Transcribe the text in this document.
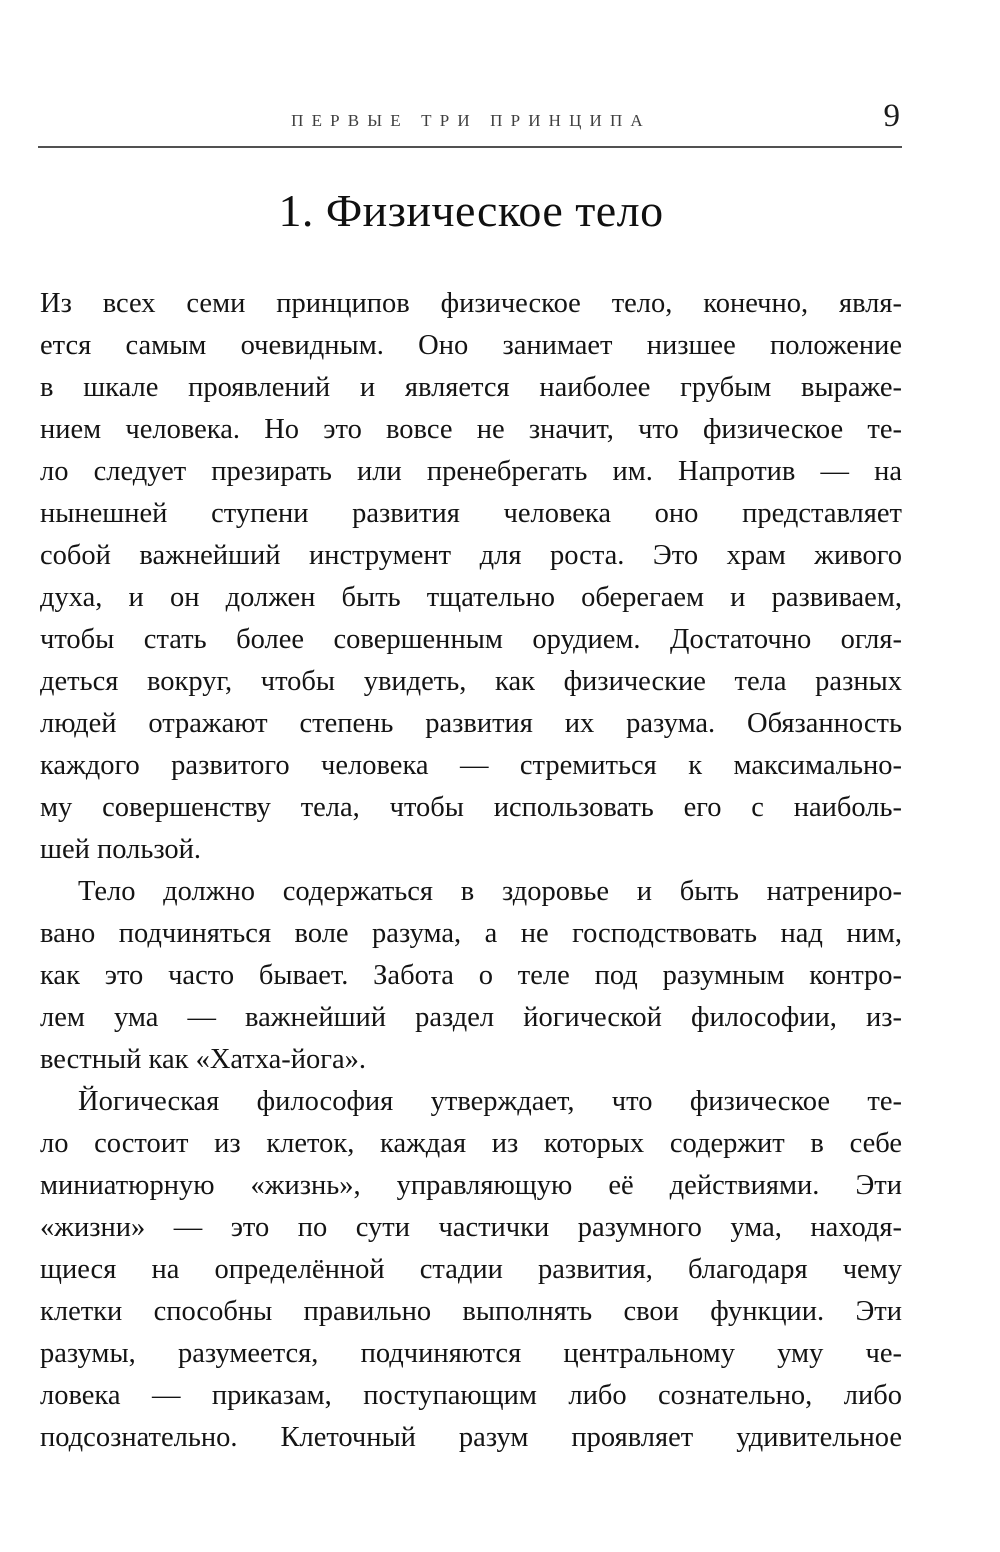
ПЕРВЫЕ ТРИ ПРИНЦИПА	9
1. Физическое тело
Из всех семи принципов физическое тело, конечно, явля-
ется самым очевидным. Оно занимает низшее положение
в шкале проявлений и является наиболее грубым выраже-
нием человека. Но это вовсе не значит, что физическое те-
ло следует презирать или пренебрегать им. Напротив — на
нынешней ступени развития человека оно представляет
собой важнейший инструмент для роста. Это храм живого
духа, и он должен быть тщательно оберегаем и развиваем,
чтобы стать более совершенным орудием. Достаточно огля-
деться вокруг, чтобы увидеть, как физические тела разных
людей отражают степень развития их разума. Обязанность
каждого развитого человека — стремиться к максимально-
му совершенству тела, чтобы использовать его с наиболь-
шей пользой.
Тело должно содержаться в здоровье и быть натрениро-
вано подчиняться воле разума, а не господствовать над ним,
как это часто бывает. Забота о теле под разумным контро-
лем ума — важнейший раздел йогической философии, из-
вестный как «Хатха-йога».
Йогическая философия утверждает, что физическое те-
ло состоит из клеток, каждая из которых содержит в себе
миниатюрную «жизнь», управляющую её действиями. Эти
«жизни» — это по сути частички разумного ума, находя-
щиеся на определённой стадии развития, благодаря чему
клетки способны правильно выполнять свои функции. Эти
разумы, разумеется, подчиняются центральному уму че-
ловека — приказам, поступающим либо сознательно, либо
подсознательно. Клеточный разум проявляет удивительное
